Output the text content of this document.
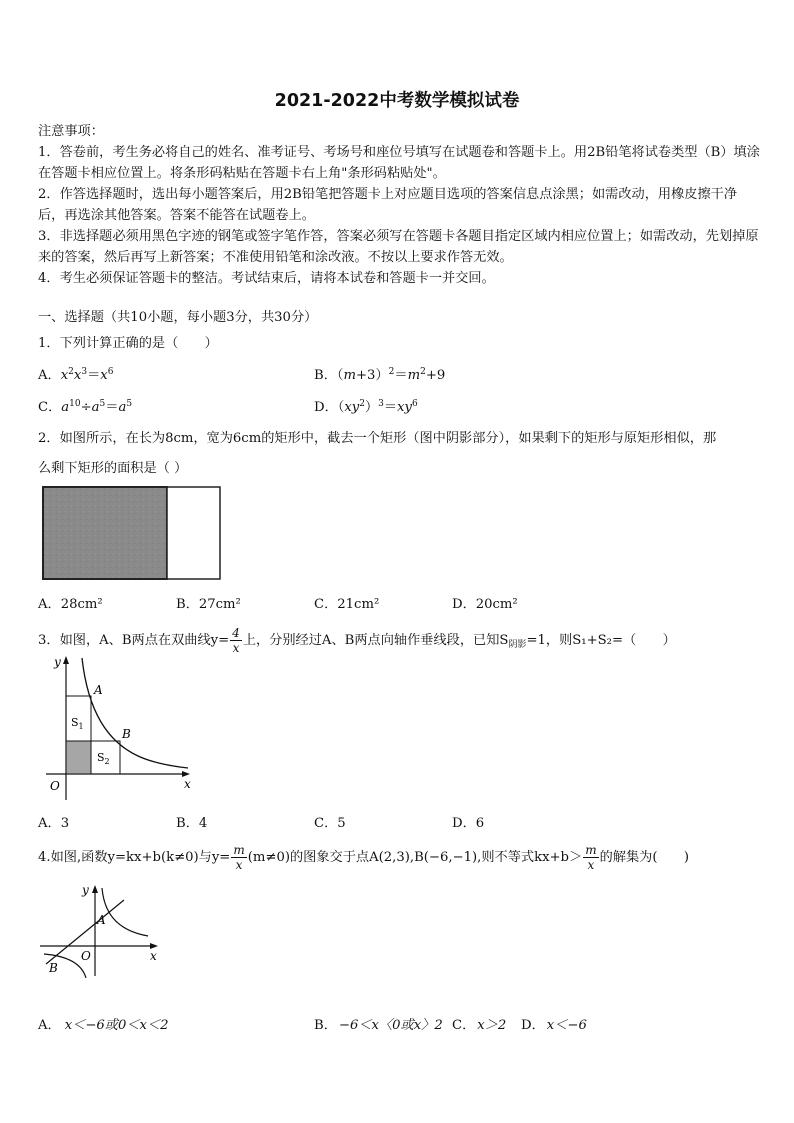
2021-2022中考数学模拟试卷

注意事项：

1．答卷前，考生务必将自己的姓名、准考证号、考场号和座位号填写在试题卷和答题卡上。用2B铅笔将试卷类型（B）填涂在答题卡相应位置上。将条形码粘贴在答题卡右上角"条形码粘贴处"。

2．作答选择题时，选出每小题答案后，用2B铅笔把答题卡上对应题目选项的答案信息点涂黑；如需改动，用橡皮擦干净后，再选涂其他答案。答案不能答在试题卷上。

3．非选择题必须用黑色字迹的钢笔或签字笔作答，答案必须写在答题卡各题目指定区域内相应位置上；如需改动，先划掉原来的答案，然后再写上新答案；不准使用铅笔和涂改液。不按以上要求作答无效。

4．考生必须保证答题卡的整洁。考试结束后，请将本试卷和答题卡一并交回。

一、选择题（共10小题，每小题3分，共30分）
1．下列计算正确的是（　　）
A．$x^2x^3=x^6$	B．$(m+3)^2=m^2+9$
C．$a^{10}\div a^5=a^5$	D．$(xy^2)^3=xy^6$
2．如图所示，在长为8cm，宽为6cm的矩形中，截去一个矩形（图中阴影部分），如果剩下的矩形与原矩形相似，那
么剩下矩形的面积是（ ）
A．28cm²	B．27cm²	C．21cm²	D．20cm²
3．如图，A、B两点在双曲线$y= \frac{4}{x}$ 上，分别经过A、B两点向轴作垂线段，已知$S_{阴影}=1$，则S₁+S₂=（　　）
y
x
O
A
B
$S_1$
$S_2$
A．3	B．4	C．5	D．6
4.如图,函数y=kx+b(k≠0)与$y= \frac{m}{x} (m\ne 0)$的图象交于点A(2,3),B(−6,−1),则不等式$kx+b> \frac{m}{x}$ 的解集为(　　)
y
x
O
A
B
A． x＜−6或0＜x＜2	B． −6＜x〈0或x〉2 C． x＞2 D． x＜−6
